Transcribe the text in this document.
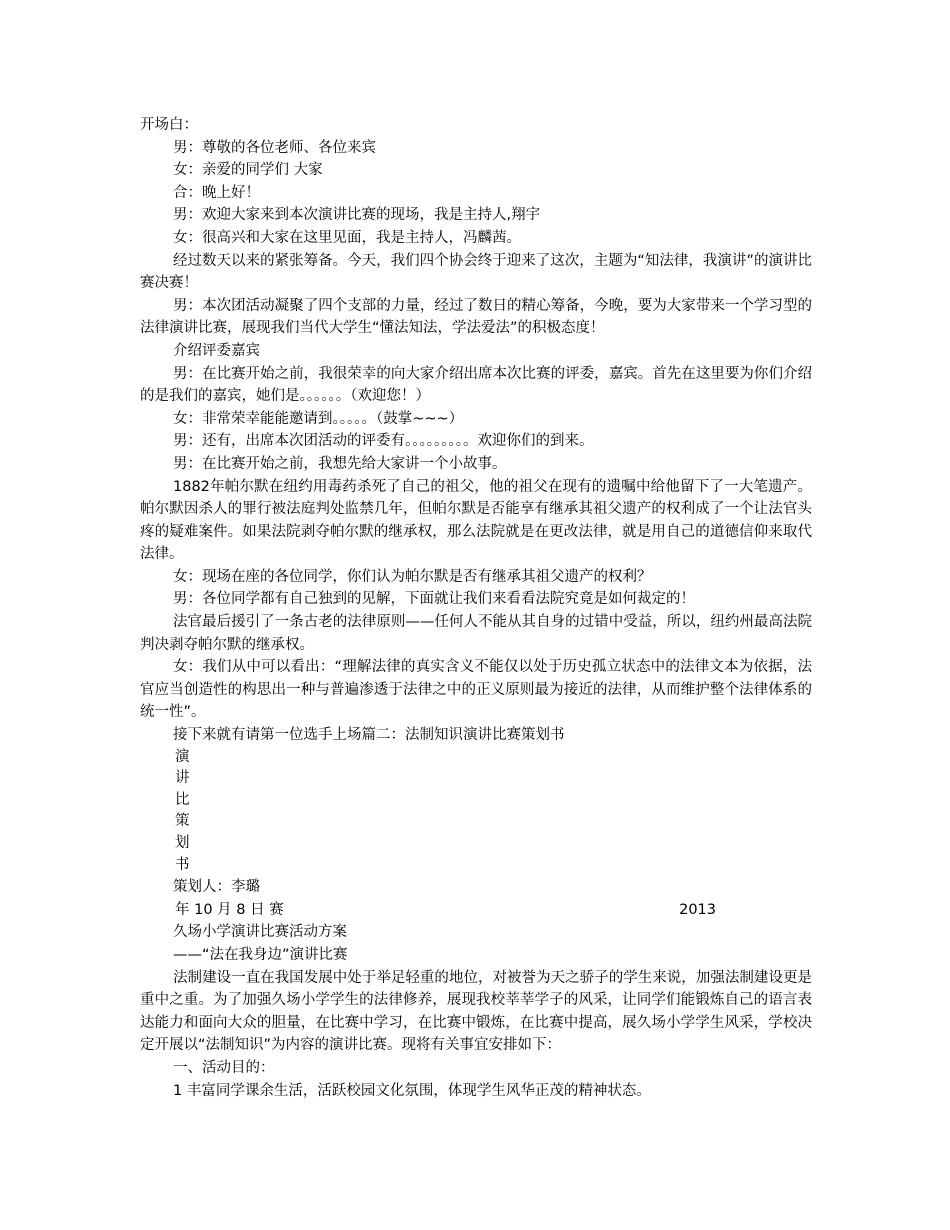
开场白：

男：尊敬的各位老师、各位来宾

女：亲爱的同学们 大家

合：晚上好！

男：欢迎大家来到本次演讲比赛的现场，我是主持人,翔宇

女：很高兴和大家在这里见面，我是主持人，冯麟茜。

经过数天以来的紧张筹备。今天，我们四个协会终于迎来了这次，主题为“知法律，我演讲”的演讲比赛决赛！

男：本次团活动凝聚了四个支部的力量，经过了数日的精心筹备，今晚，要为大家带来一个学习型的法律演讲比赛，展现我们当代大学生“懂法知法，学法爱法”的积极态度！

介绍评委嘉宾

男：在比赛开始之前，我很荣幸的向大家介绍出席本次比赛的评委，嘉宾。首先在这里要为你们介绍的是我们的嘉宾，她们是。。。。。。（欢迎您！）

女：非常荣幸能能邀请到。。。。。（鼓掌~~~）

男：还有，出席本次团活动的评委有。。。。。。。。。欢迎你们的到来。

男：在比赛开始之前，我想先给大家讲一个小故事。

1882年帕尔默在纽约用毒药杀死了自己的祖父，他的祖父在现有的遗嘱中给他留下了一大笔遗产。帕尔默因杀人的罪行被法庭判处监禁几年，但帕尔默是否能享有继承其祖父遗产的权利成了一个让法官头疼的疑难案件。如果法院剥夺帕尔默的继承权，那么法院就是在更改法律，就是用自己的道德信仰来取代法律。

女：现场在座的各位同学，你们认为帕尔默是否有继承其祖父遗产的权利？

男：各位同学都有自己独到的见解，下面就让我们来看看法院究竟是如何裁定的！

法官最后援引了一条古老的法律原则——任何人不能从其自身的过错中受益，所以，纽约州最高法院判决剥夺帕尔默的继承权。

女：我们从中可以看出：“理解法律的真实含义不能仅以处于历史孤立状态中的法律文本为依据，法官应当创造性的构思出一种与普遍渗透于法律之中的正义原则最为接近的法律，从而维护整个法律体系的统一性”。

接下来就有请第一位选手上场篇二：法制知识演讲比赛策划书

演

讲

比

策

划

书

策划人：李璐

年 10 月 8 日 赛	2013

久场小学演讲比赛活动方案

——“法在我身边”演讲比赛

法制建设一直在我国发展中处于举足轻重的地位，对被誉为天之骄子的学生来说，加强法制建设更是重中之重。为了加强久场小学学生的法律修养，展现我校莘莘学子的风采，让同学们能锻炼自己的语言表达能力和面向大众的胆量，在比赛中学习，在比赛中锻炼，在比赛中提高，展久场小学学生风采，学校决定开展以“法制知识”为内容的演讲比赛。现将有关事宜安排如下：

一、活动目的：

1 丰富同学课余生活，活跃校园文化氛围，体现学生风华正茂的精神状态。
